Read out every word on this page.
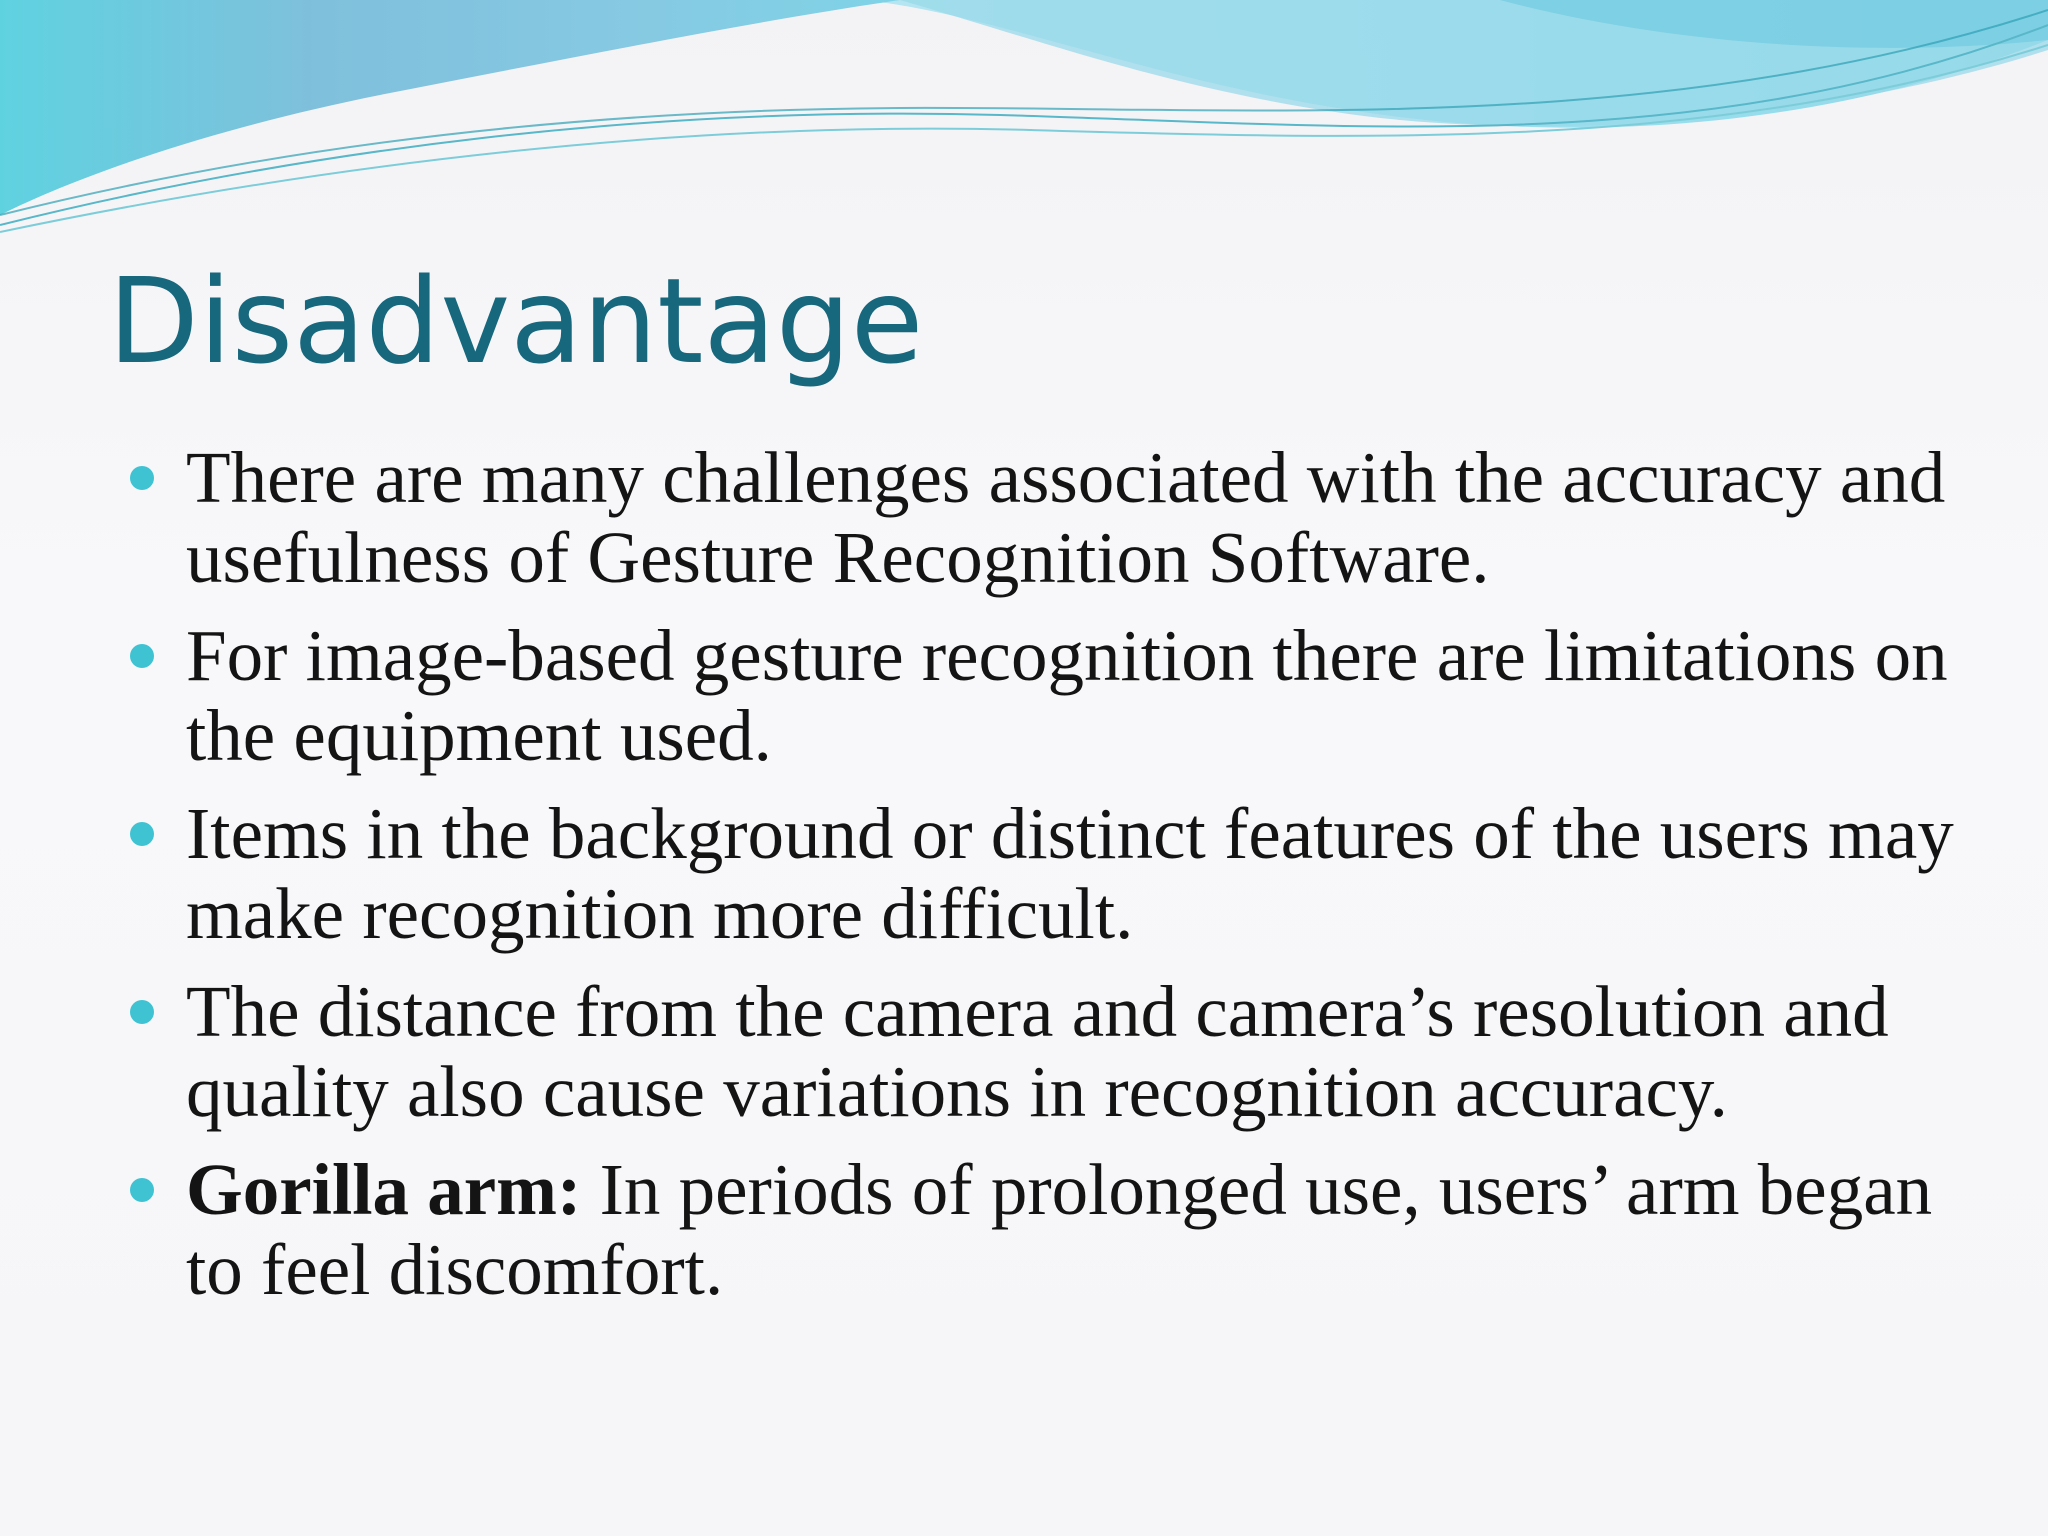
Disadvantage
There are many challenges associated with the accuracy and usefulness of Gesture Recognition Software.
For image-based gesture recognition there are limitations on the equipment used.
Items in the background or distinct features of the users may make recognition more difficult.
The distance from the camera and camera’s resolution and quality also cause variations in recognition accuracy.
Gorilla arm: In periods of prolonged use, users’ arm began to feel discomfort.
